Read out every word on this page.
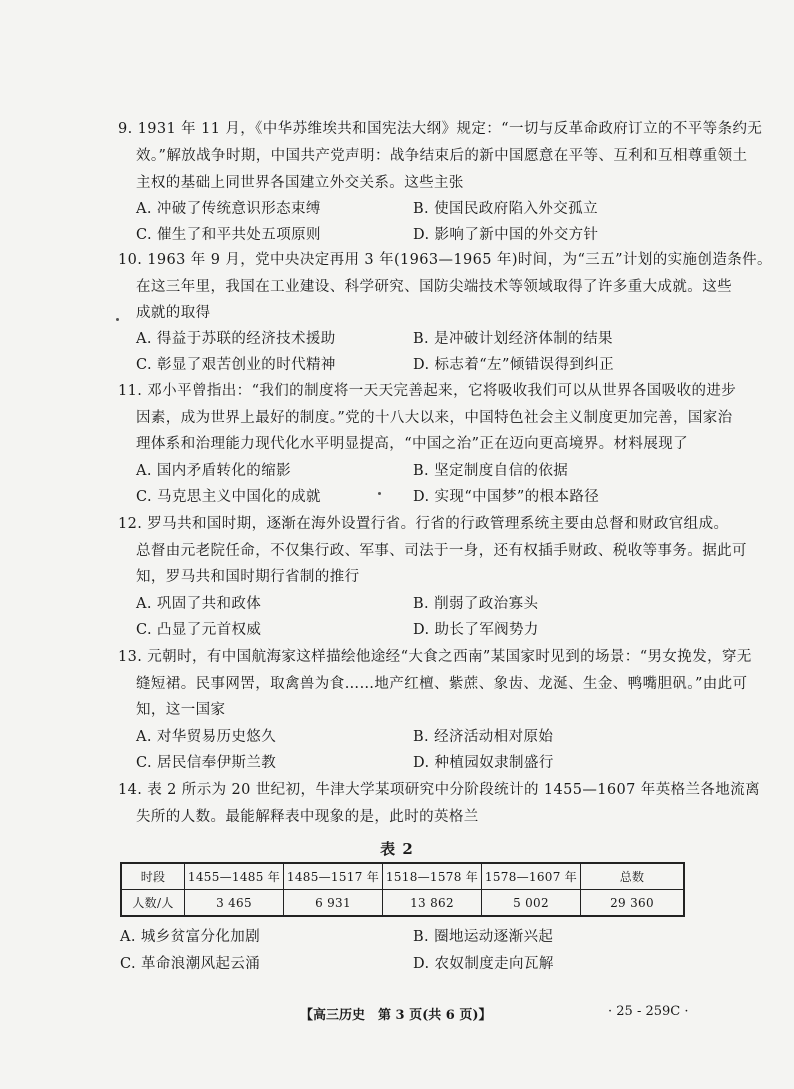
9. 1931 年 11 月，《中华苏维埃共和国宪法大纲》规定：“一切与反革命政府订立的不平等条约无
效。”解放战争时期，中国共产党声明：战争结束后的新中国愿意在平等、互利和互相尊重领土
主权的基础上同世界各国建立外交关系。这些主张
A. 冲破了传统意识形态束缚	B. 使国民政府陷入外交孤立
C. 催生了和平共处五项原则	D. 影响了新中国的外交方针
10. 1963 年 9 月，党中央决定再用 3 年(1963—1965 年)时间，为“三五”计划的实施创造条件。
在这三年里，我国在工业建设、科学研究、国防尖端技术等领域取得了许多重大成就。这些
成就的取得
A. 得益于苏联的经济技术援助	B. 是冲破计划经济体制的结果
C. 彰显了艰苦创业的时代精神	D. 标志着“左”倾错误得到纠正
11. 邓小平曾指出：“我们的制度将一天天完善起来，它将吸收我们可以从世界各国吸收的进步
因素，成为世界上最好的制度。”党的十八大以来，中国特色社会主义制度更加完善，国家治
理体系和治理能力现代化水平明显提高，“中国之治”正在迈向更高境界。材料展现了
A. 国内矛盾转化的缩影	B. 坚定制度自信的依据
C. 马克思主义中国化的成就	D. 实现“中国梦”的根本路径
12. 罗马共和国时期，逐渐在海外设置行省。行省的行政管理系统主要由总督和财政官组成。
总督由元老院任命，不仅集行政、军事、司法于一身，还有权插手财政、税收等事务。据此可
知，罗马共和国时期行省制的推行
A. 巩固了共和政体	B. 削弱了政治寡头
C. 凸显了元首权威	D. 助长了军阀势力
13. 元朝时，有中国航海家这样描绘他途经“大食之西南”某国家时见到的场景：“男女挽发，穿无
缝短裙。民事网罟，取禽兽为食……地产红檀、紫蔗、象齿、龙涎、生金、鸭嘴胆矾。”由此可
知，这一国家
A. 对华贸易历史悠久	B. 经济活动相对原始
C. 居民信奉伊斯兰教	D. 种植园奴隶制盛行
14. 表 2 所示为 20 世纪初，牛津大学某项研究中分阶段统计的 1455—1607 年英格兰各地流离
失所的人数。最能解释表中现象的是，此时的英格兰
表 2
时段	1455—1485 年	1485—1517 年	1518—1578 年	1578—1607 年	总数
人数/人	3 465	6 931	13 862	5 002	29 360
A. 城乡贫富分化加剧	B. 圈地运动逐渐兴起
C. 革命浪潮风起云涌	D. 农奴制度走向瓦解
【高三历史　第 3 页(共 6 页)】	· 25 - 259C ·
